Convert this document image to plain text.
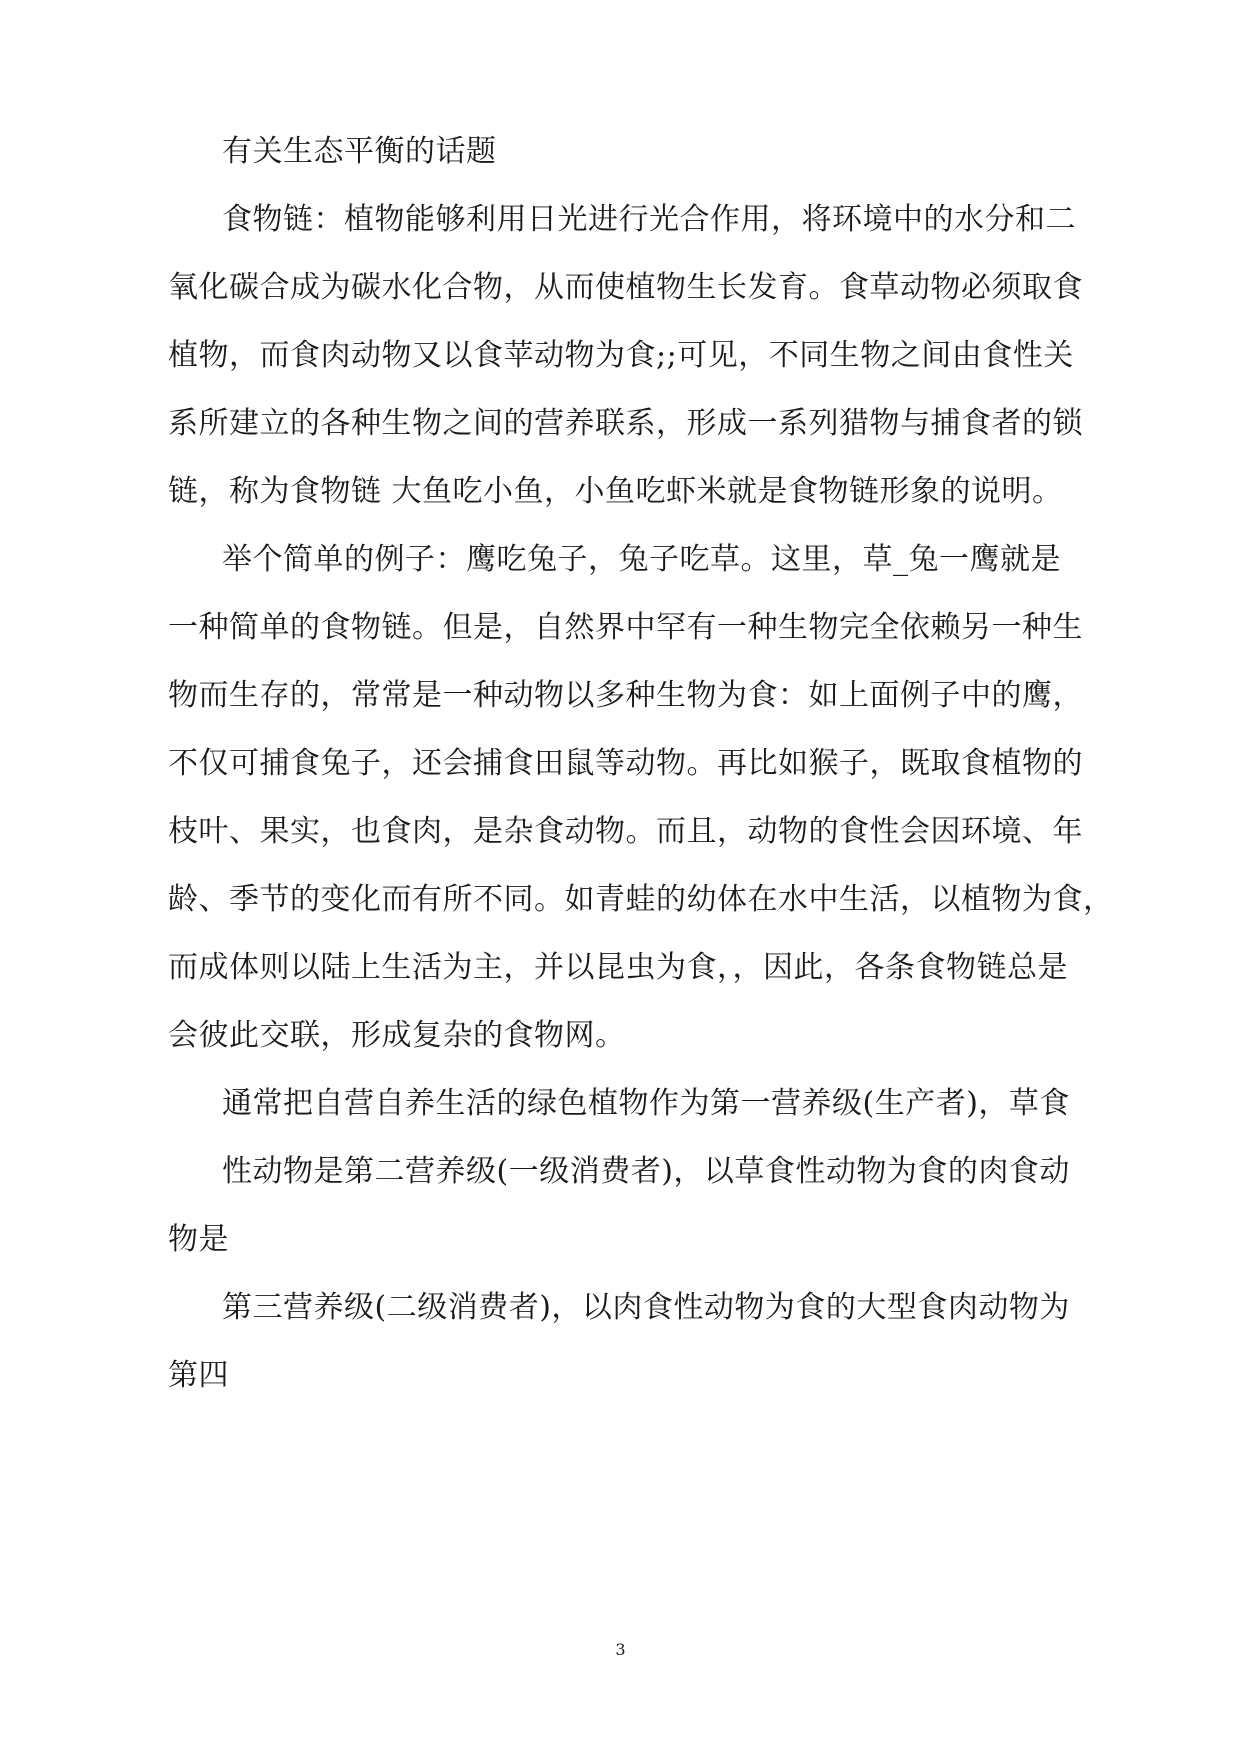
有关生态平衡的话题
食物链：植物能够利用日光进行光合作用，将环境中的水分和二
氧化碳合成为碳水化合物，从而使植物生长发育。食草动物必须取食
植物，而食肉动物又以食苹动物为食;;可见，不同生物之间由食性关
系所建立的各种生物之间的营养联系，形成一系列猎物与捕食者的锁
链，称为食物链 大鱼吃小鱼，小鱼吃虾米就是食物链形象的说明。
举个简单的例子：鹰吃兔子，兔子吃草。这里，草_兔一鹰就是
一种简单的食物链。但是，自然界中罕有一种生物完全依赖另一种生
物而生存的，常常是一种动物以多种生物为食：如上面例子中的鹰，
不仅可捕食兔子，还会捕食田鼠等动物。再比如猴子，既取食植物的
枝叶、果实，也食肉，是杂食动物。而且，动物的食性会因环境、年
龄、季节的变化而有所不同。如青蛙的幼体在水中生活，以植物为食，
而成体则以陆上生活为主，并以昆虫为食，，因此，各条食物链总是
会彼此交联，形成复杂的食物网。
通常把自营自养生活的绿色植物作为第一营养级(生产者)，草食
性动物是第二营养级(一级消费者)，以草食性动物为食的肉食动
物是
第三营养级(二级消费者)，以肉食性动物为食的大型食肉动物为
第四
3
